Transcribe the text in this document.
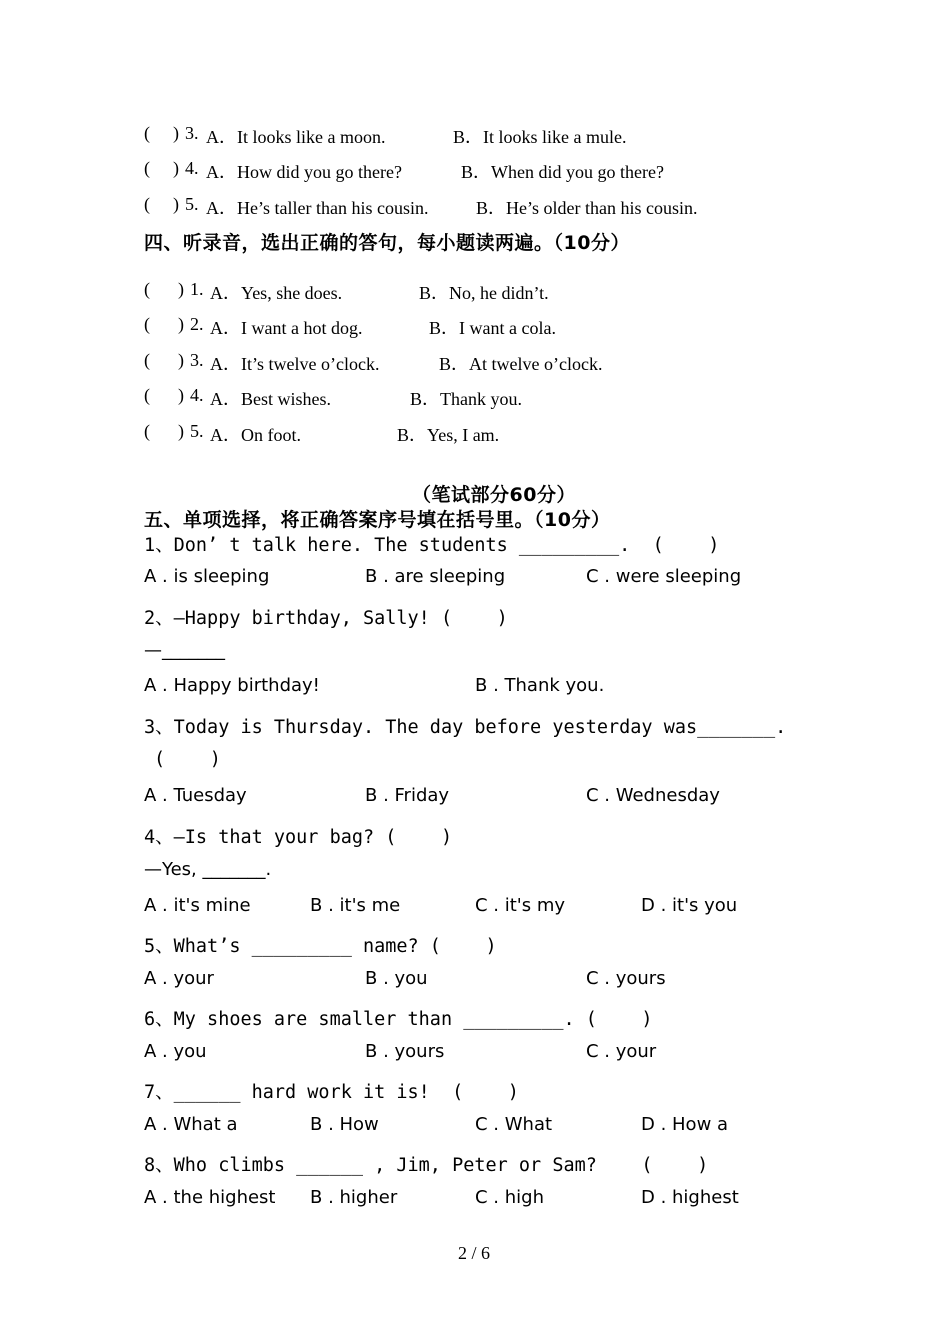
( ) 3. A．It looks like a moon.	B．It looks like a mule.
( ) 4. A．How did you go there?	B．When did you go there?
( ) 5. A．He’s taller than his cousin.	B．He’s older than his cousin.
四、听录音，选出正确的答句，每小题读两遍。（10分）
( ) 1. A．Yes, she does.	B．No, he didn’t.
( ) 2. A．I want a hot dog.	B．I want a cola.
( ) 3. A．It’s twelve o’clock.	B．At twelve o’clock.
( ) 4. A．Best wishes.	B．Thank you.
( ) 5. A．On foot.	B．Yes, I am.
（笔试部分60分）
五、单项选择，将正确答案序号填在括号里。（10分）
1、Don’ t talk here. The students _________.  (    )
A . is sleeping	B . are sleeping	C . were sleeping
2、—Happy birthday, Sally! (    )
—_______
A . Happy birthday!	B . Thank you.
3、Today is Thursday. The day before yesterday was_______.
(    )
A . Tuesday	B . Friday	C . Wednesday
4、—Is that your bag? (    )
—Yes, _______.
A . it's mine	B . it's me	C . it's my	D . it's you
5、What’s _________ name? (    )
A . your	B . you	C . yours
6、My shoes are smaller than _________. (    )
A . you	B . yours	C . your
7、______ hard work it is!  (    )
A . What a	B . How	C . What	D . How a
8、Who climbs ______ , Jim, Peter or Sam?    (    )
A . the highest B . higher	C . high	D . highest
2 / 6
